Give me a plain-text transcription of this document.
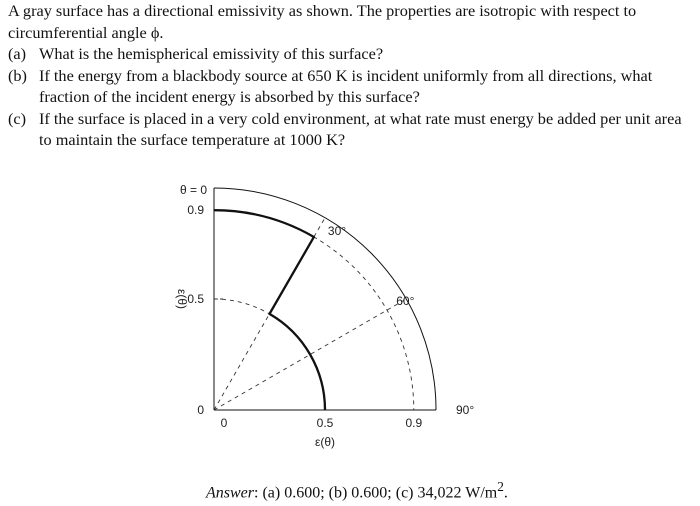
A gray surface has a directional emissivity as shown. The properties are isotropic with respect to circumferential angle ϕ.

(a) What is the hemispherical emissivity of this surface?
(b) If the energy from a blackbody source at 650 K is incident uniformly from all directions, what fraction of the incident energy is absorbed by this surface?
(c) If the surface is placed in a very cold environment, at what rate must energy be added per unit area to maintain the surface temperature at 1000 K?
θ = 0
30°
60°
90°
0.9
0.5
0
0	0.5	0.9
ε(θ)
ε(θ)
Answer: (a) 0.600; (b) 0.600; (c) 34,022 $W/m^2$.
